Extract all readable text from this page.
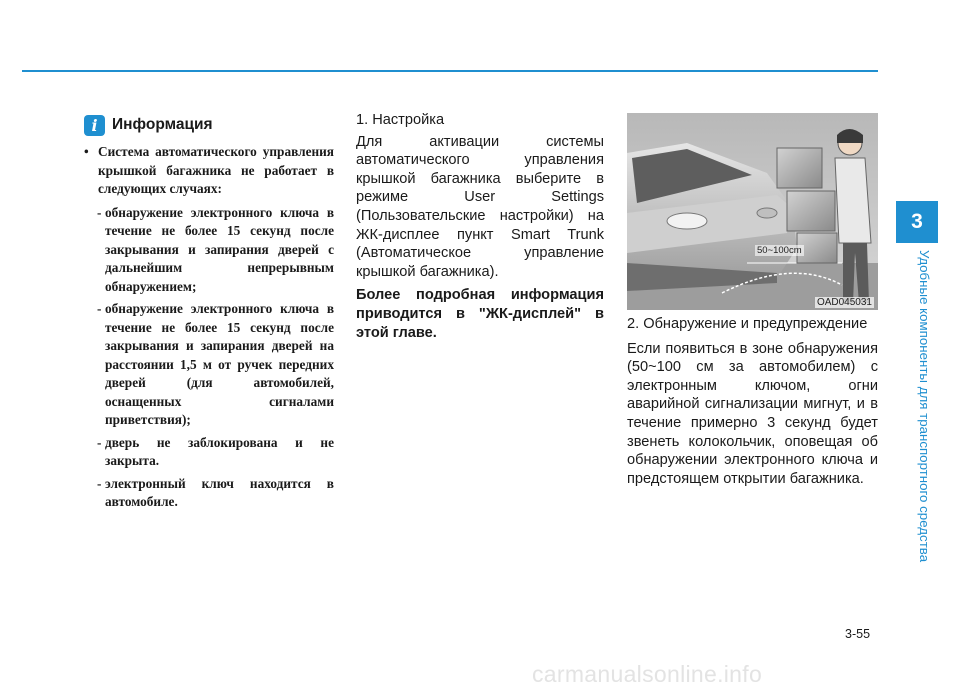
i Информация
• Система автоматического управления крышкой багажника не работает в следующих случаях:
- обнаружение электронного ключа в течение не более 15 секунд после закрывания и запирания дверей с дальнейшим непрерывным обнаружением;
- обнаружение электронного ключа в течение не более 15 секунд после закрывания и запирания дверей на расстоянии 1,5 м от ручек передних дверей (для автомобилей, оснащенных сигналами приветствия);
- дверь не заблокирована и не закрыта.
- электронный ключ находится в автомобиле.
1. Настройка
Для активации системы автоматического управления крышкой багажника выберите в режиме User Settings (Пользовательские настройки) на ЖК-дисплее пункт Smart Trunk (Автоматическое управление крышкой багажника).
Более подробная информация приводится в "ЖК-дисплей" в этой главе.
50~100cm
OAD045031
2. Обнаружение и предупреждение
Если появиться в зоне обнаружения (50~100 см за автомобилем) с электронным ключом, огни аварийной сигнализации мигнут, и в течение примерно 3 секунд будет звенеть колокольчик, оповещая об обнаружении электронного ключа и предстоящем открытии багажника.
3
Удобные компоненты для транспортного средства
3-55
carmanualsonline.info
